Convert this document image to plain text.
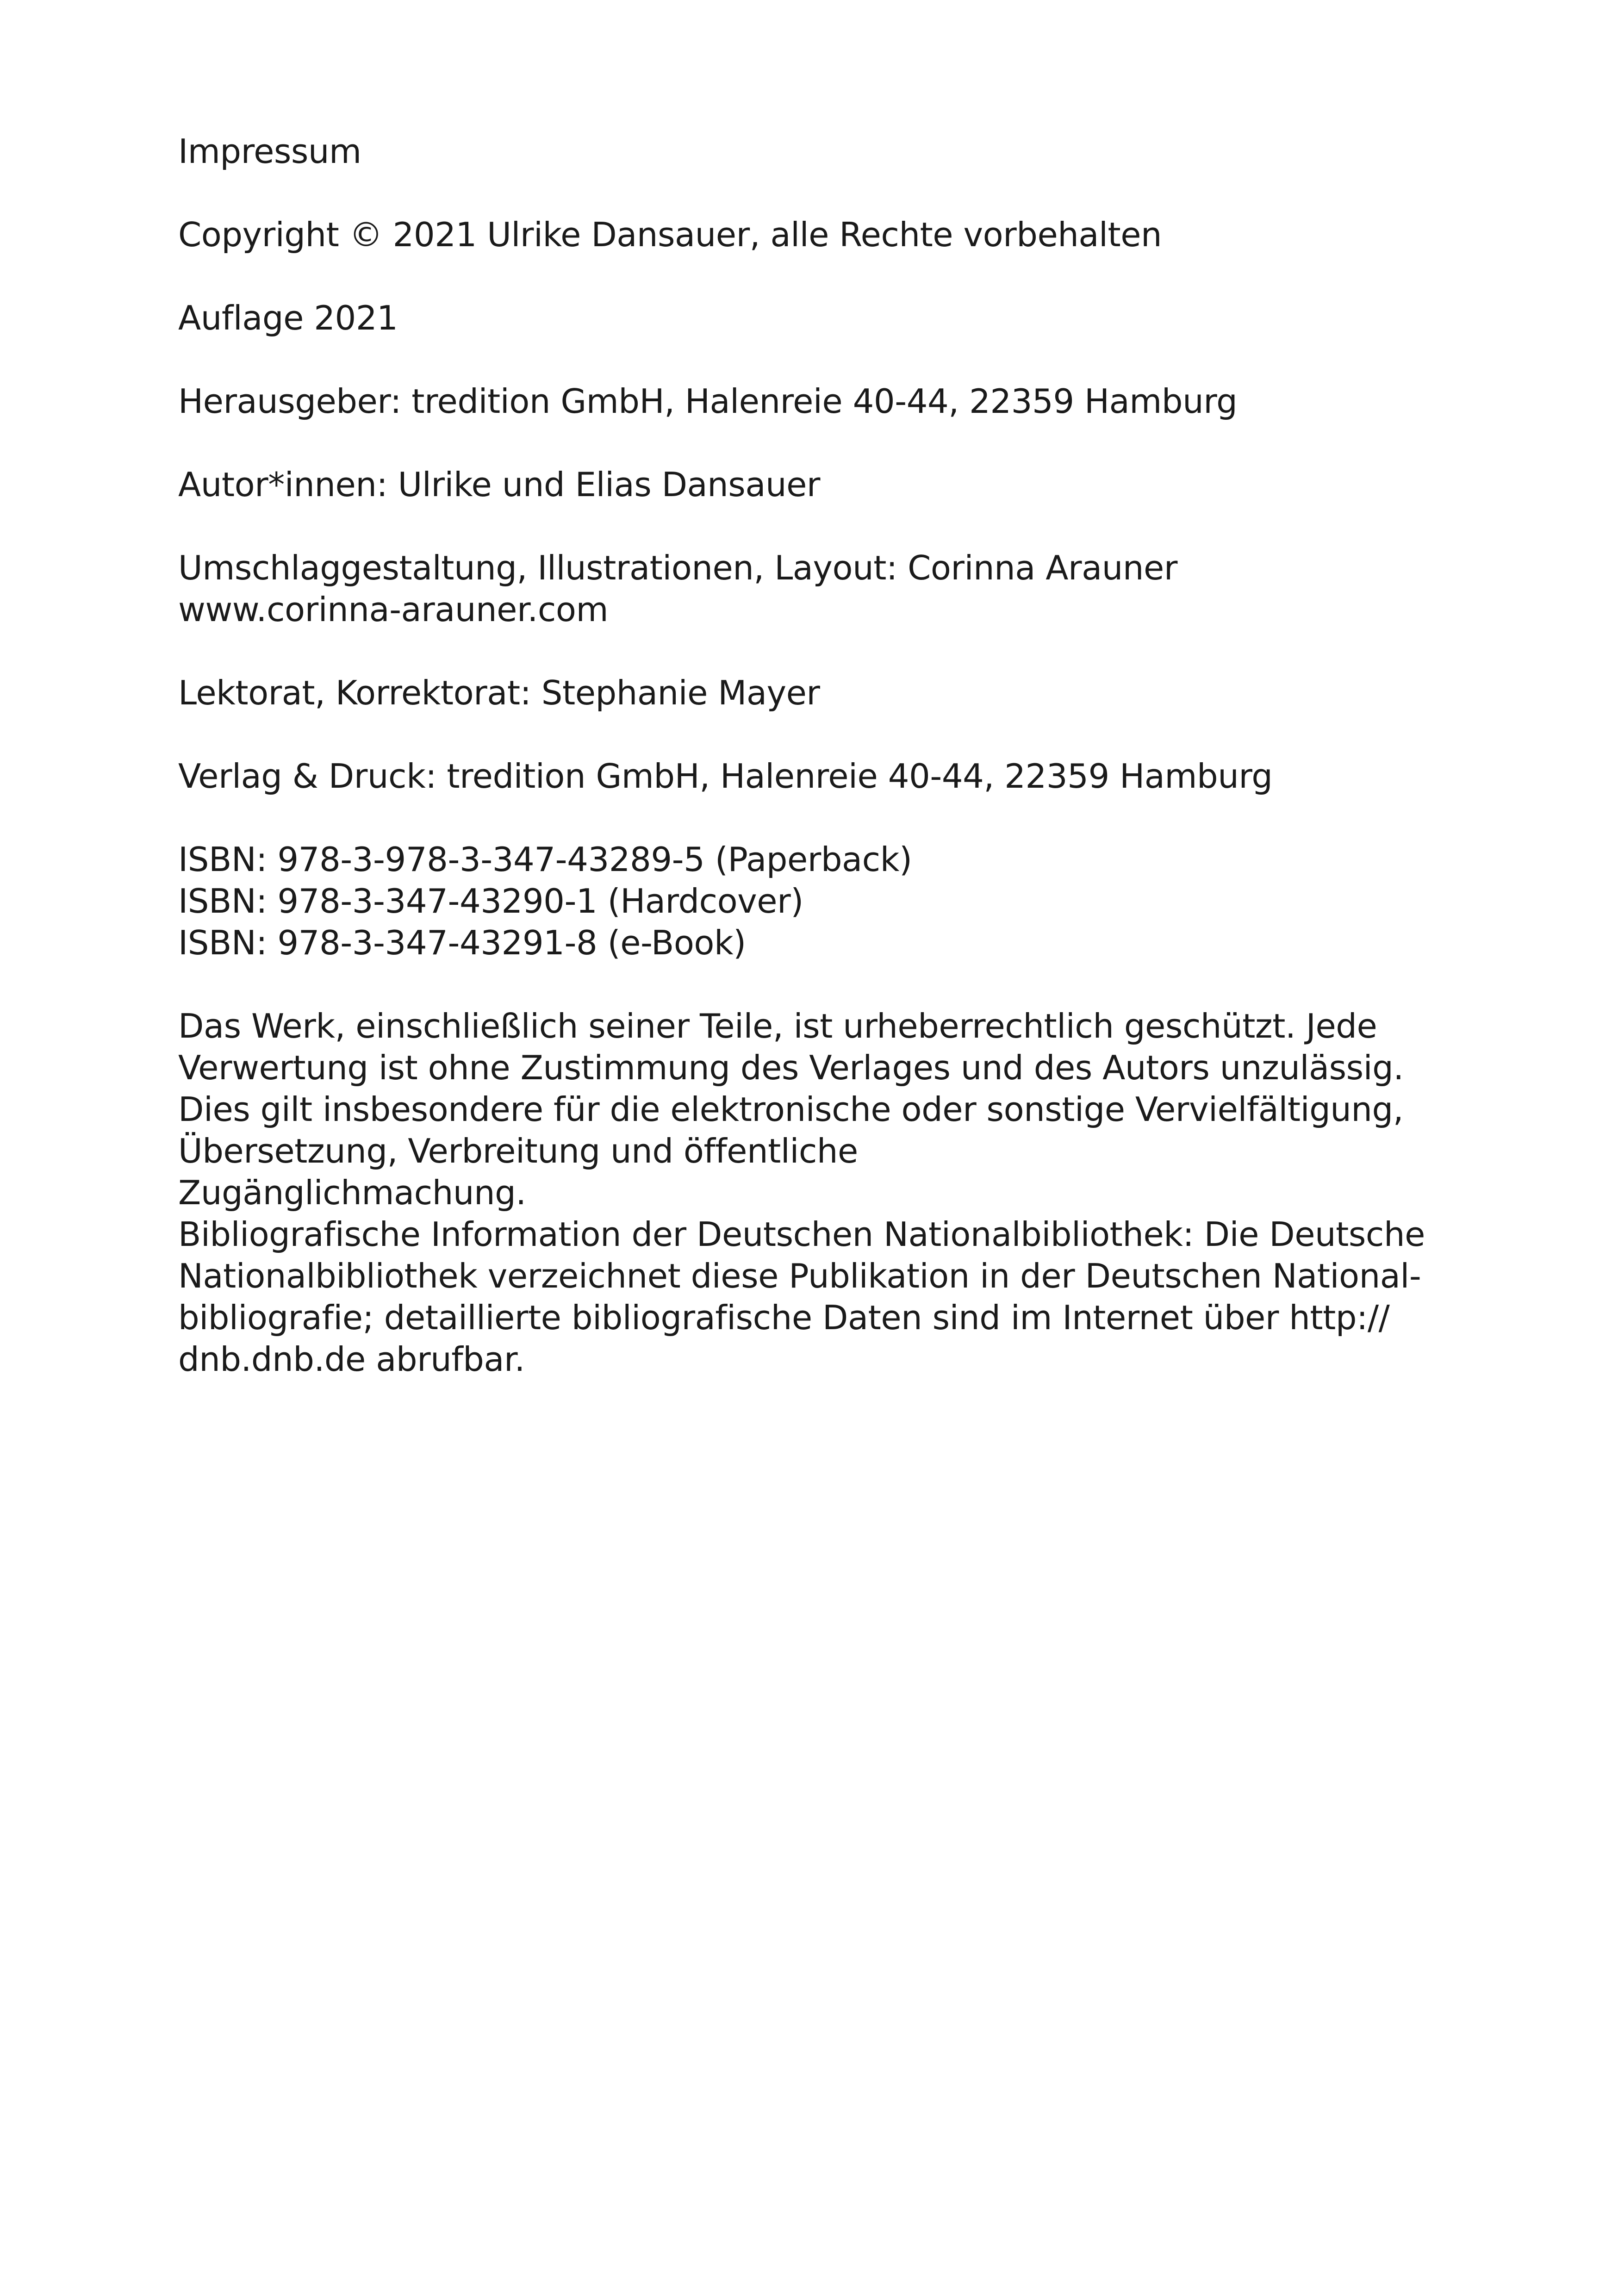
Impressum
Copyright © 2021 Ulrike Dansauer, alle Rechte vorbehalten
Auflage 2021
Herausgeber: tredition GmbH, Halenreie 40-44, 22359 Hamburg
Autor*innen: Ulrike und Elias Dansauer
Umschlaggestaltung, Illustrationen, Layout: Corinna Arauner
www.corinna-arauner.com
Lektorat, Korrektorat: Stephanie Mayer
Verlag & Druck: tredition GmbH, Halenreie 40-44, 22359 Hamburg
ISBN: 978-3-978-3-347-43289-5 (Paperback)
ISBN: 978-3-347-43290-1 (Hardcover)
ISBN: 978-3-347-43291-8 (e-Book)
Das Werk, einschließlich seiner Teile, ist urheberrechtlich geschützt. Jede
Verwertung ist ohne Zustimmung des Verlages und des Autors unzulässig.
Dies gilt insbesondere für die elektronische oder sonstige Vervielfältigung,
Übersetzung, Verbreitung und öffentliche
Zugänglichmachung.
Bibliografische Information der Deutschen Nationalbibliothek: Die Deutsche
Nationalbibliothek verzeichnet diese Publikation in der Deutschen National-
bibliografie; detaillierte bibliografische Daten sind im Internet über http://
dnb.dnb.de abrufbar.
